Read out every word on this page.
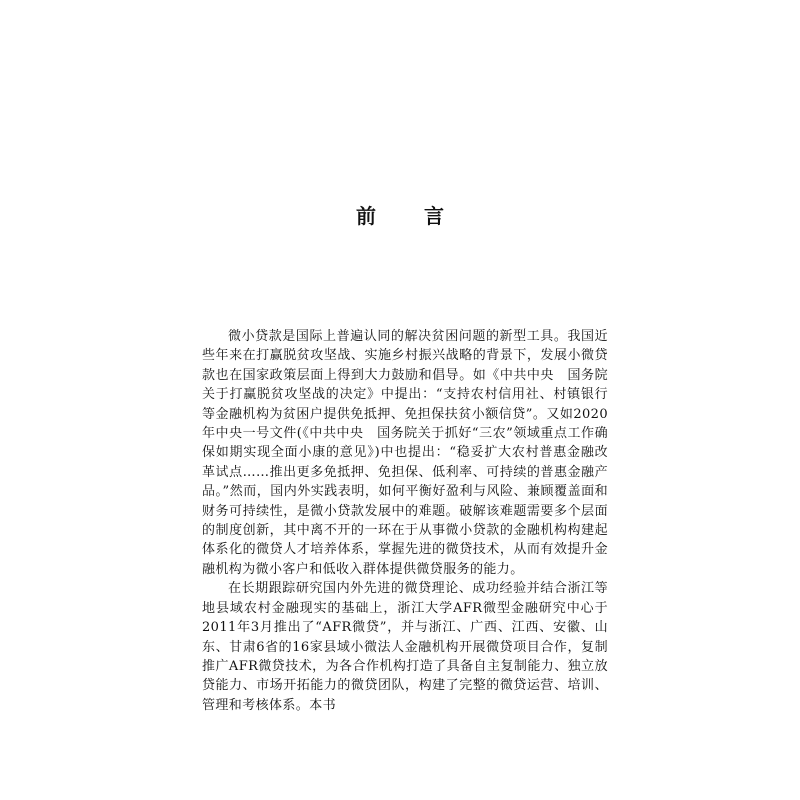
前　言

微小贷款是国际上普遍认同的解决贫困问题的新型工具。我国近些年来在打赢脱贫攻坚战、实施乡村振兴战略的背景下，发展小微贷款也在国家政策层面上得到大力鼓励和倡导。如《中共中央　国务院关于打赢脱贫攻坚战的决定》中提出：“支持农村信用社、村镇银行等金融机构为贫困户提供免抵押、免担保扶贫小额信贷”。又如2020年中央一号文件(《中共中央　国务院关于抓好“三农”领域重点工作确保如期实现全面小康的意见》)中也提出：“稳妥扩大农村普惠金融改革试点……推出更多免抵押、免担保、低利率、可持续的普惠金融产品。”然而，国内外实践表明，如何平衡好盈利与风险、兼顾覆盖面和财务可持续性，是微小贷款发展中的难题。破解该难题需要多个层面的制度创新，其中离不开的一环在于从事微小贷款的金融机构构建起体系化的微贷人才培养体系，掌握先进的微贷技术，从而有效提升金融机构为微小客户和低收入群体提供微贷服务的能力。

在长期跟踪研究国内外先进的微贷理论、成功经验并结合浙江等地县域农村金融现实的基础上，浙江大学AFR微型金融研究中心于2011年3月推出了“AFR微贷”，并与浙江、广西、江西、安徽、山东、甘肃6省的16家县域小微法人金融机构开展微贷项目合作，复制推广AFR微贷技术，为各合作机构打造了具备自主复制能力、独立放贷能力、市场开拓能力的微贷团队，构建了完整的微贷运营、培训、管理和考核体系。本书
